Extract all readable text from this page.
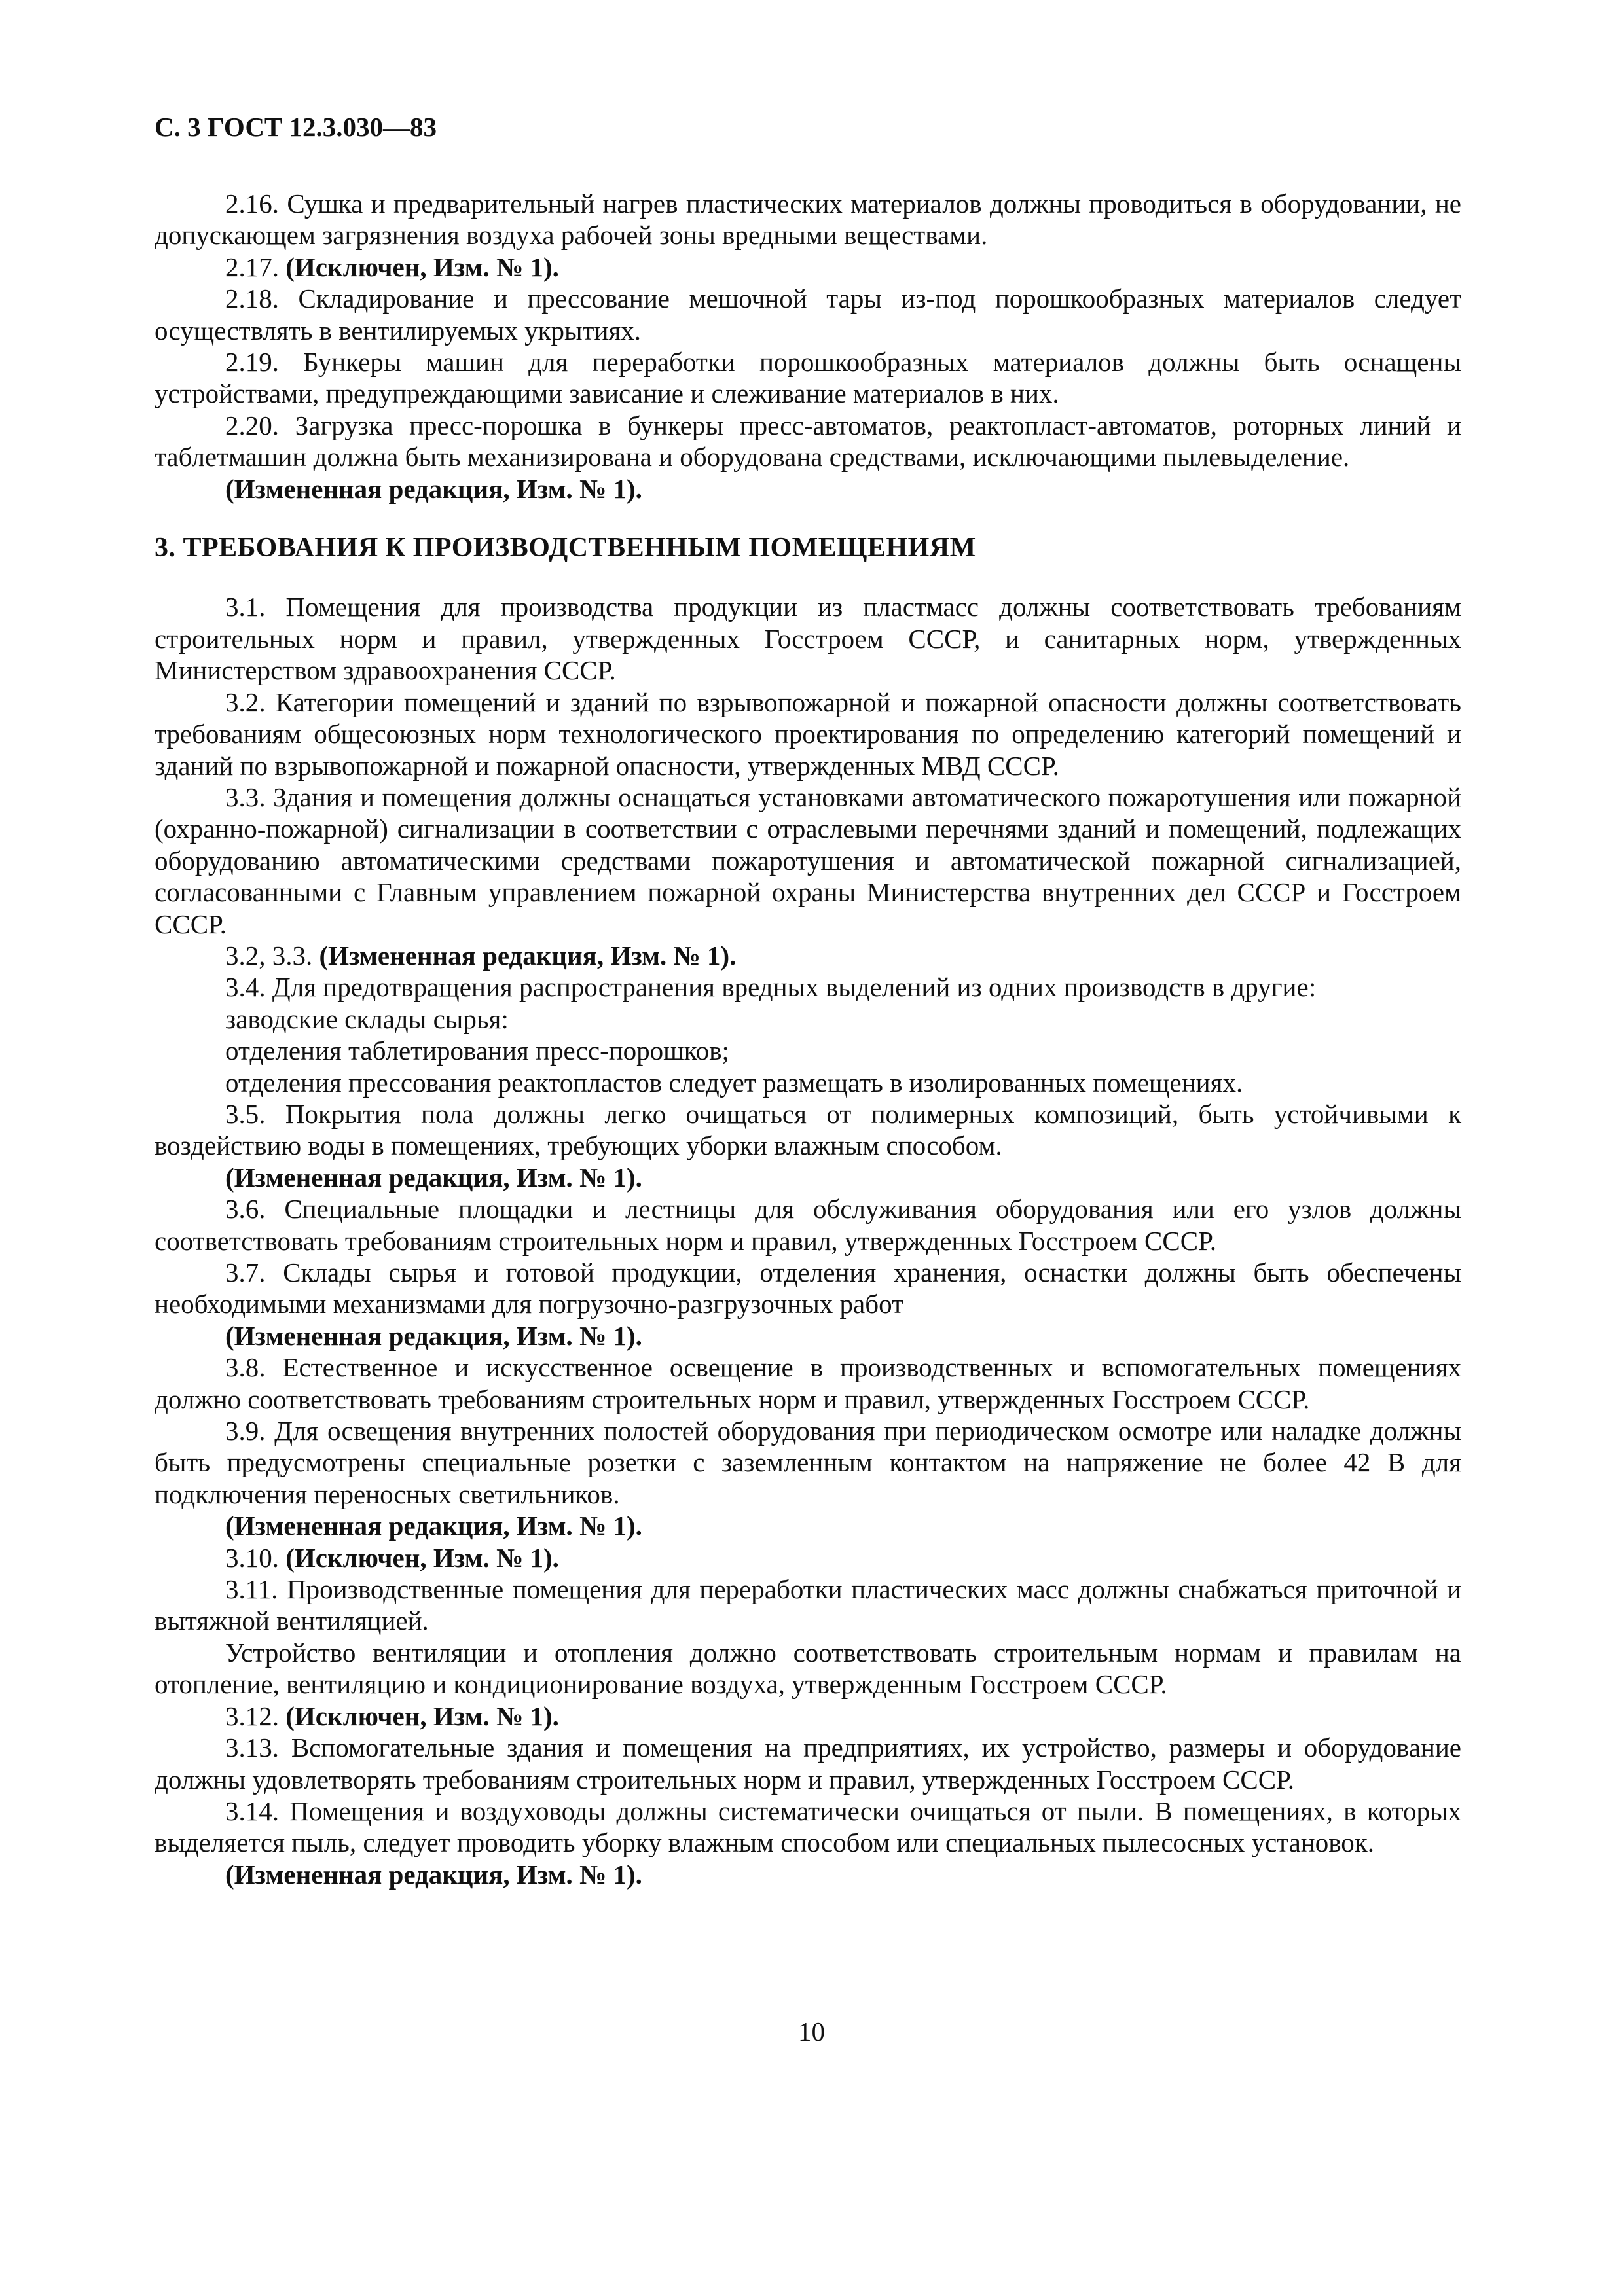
С. 3 ГОСТ 12.3.030—83

2.16. Сушка и предварительный нагрев пластических материалов должны проводиться в оборудовании, не допускающем загрязнения воздуха рабочей зоны вредными веществами.

2.17. (Исключен, Изм. № 1).

2.18. Складирование и прессование мешочной тары из-под порошкообразных материалов следует осуществлять в вентилируемых укрытиях.

2.19. Бункеры машин для переработки порошкообразных материалов должны быть оснащены устройствами, предупреждающими зависание и слеживание материалов в них.

2.20. Загрузка пресс-порошка в бункеры пресс-автоматов, реактопласт-автоматов, роторных линий и таблетмашин должна быть механизирована и оборудована средствами, исключающими пылевыделение.

(Измененная редакция, Изм. № 1).

3. ТРЕБОВАНИЯ К ПРОИЗВОДСТВЕННЫМ ПОМЕЩЕНИЯМ

3.1. Помещения для производства продукции из пластмасс должны соответствовать требованиям строительных норм и правил, утвержденных Госстроем СССР, и санитарных норм, утвержденных Министерством здравоохранения СССР.

3.2. Категории помещений и зданий по взрывопожарной и пожарной опасности должны соответствовать требованиям общесоюзных норм технологического проектирования по определению категорий помещений и зданий по взрывопожарной и пожарной опасности, утвержденных МВД СССР.

3.3. Здания и помещения должны оснащаться установками автоматического пожаротушения или пожарной (охранно-пожарной) сигнализации в соответствии с отраслевыми перечнями зданий и помещений, подлежащих оборудованию автоматическими средствами пожаротушения и автоматической пожарной сигнализацией, согласованными с Главным управлением пожарной охраны Министерства внутренних дел СССР и Госстроем СССР.

3.2, 3.3. (Измененная редакция, Изм. № 1).

3.4. Для предотвращения распространения вредных выделений из одних производств в другие:

заводские склады сырья:

отделения таблетирования пресс-порошков;

отделения прессования реактопластов следует размещать в изолированных помещениях.

3.5. Покрытия пола должны легко очищаться от полимерных композиций, быть устойчивыми к воздействию воды в помещениях, требующих уборки влажным способом.

(Измененная редакция, Изм. № 1).

3.6. Специальные площадки и лестницы для обслуживания оборудования или его узлов должны соответствовать требованиям строительных норм и правил, утвержденных Госстроем СССР.

3.7. Склады сырья и готовой продукции, отделения хранения, оснастки должны быть обеспечены необходимыми механизмами для погрузочно-разгрузочных работ

(Измененная редакция, Изм. № 1).

3.8. Естественное и искусственное освещение в производственных и вспомогательных помещениях должно соответствовать требованиям строительных норм и правил, утвержденных Госстроем СССР.

3.9. Для освещения внутренних полостей оборудования при периодическом осмотре или наладке должны быть предусмотрены специальные розетки с заземленным контактом на напряжение не более 42 В для подключения переносных светильников.

(Измененная редакция, Изм. № 1).

3.10. (Исключен, Изм. № 1).

3.11. Производственные помещения для переработки пластических масс должны снабжаться приточной и вытяжной вентиляцией.

Устройство вентиляции и отопления должно соответствовать строительным нормам и правилам на отопление, вентиляцию и кондиционирование воздуха, утвержденным Госстроем СССР.

3.12. (Исключен, Изм. № 1).

3.13. Вспомогательные здания и помещения на предприятиях, их устройство, размеры и оборудование должны удовлетворять требованиям строительных норм и правил, утвержденных Госстроем СССР.

3.14. Помещения и воздуховоды должны систематически очищаться от пыли. В помещениях, в которых выделяется пыль, следует проводить уборку влажным способом или специальных пылесосных установок.

(Измененная редакция, Изм. № 1).

10
